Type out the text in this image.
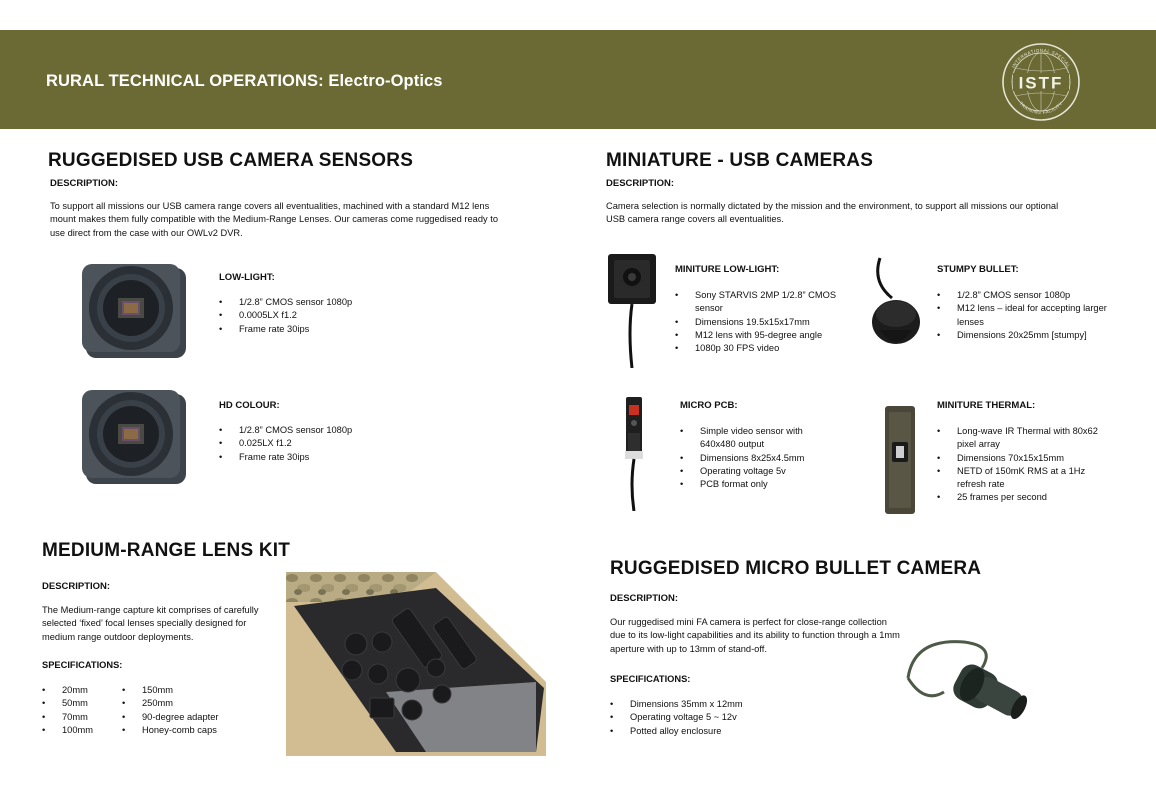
RURAL TECHNICAL OPERATIONS: Electro-Optics	ISTF
INTERNATIONAL SPECIAL
TRAINING FACILITY
RUGGEDISED USB CAMERA SENSORS
DESCRIPTION:
To support all missions our USB camera range covers all eventualities, machined with a standard M12 lens mount makes them fully compatible with the Medium-Range Lenses. Our cameras come ruggedised ready to use direct from the case with our OWLv2 DVR.
LOW-LIGHT:
• 1/2.8” CMOS sensor 1080p
• 0.0005LX f1.2
• Frame rate 30ips
HD COLOUR:
• 1/2.8” CMOS sensor 1080p
• 0.025LX f1.2
• Frame rate 30ips
MINIATURE - USB CAMERAS
DESCRIPTION:
Camera selection is normally dictated by the mission and the environment, to support all missions our optional USB camera range covers all eventualities.
MINITURE LOW-LIGHT:
• Sony STARVIS 2MP 1/2.8” CMOS sensor
• Dimensions 19.5x15x17mm
• M12 lens with 95-degree angle
• 1080p 30 FPS video
STUMPY BULLET:
• 1/2.8” CMOS sensor 1080p
• M12 lens – ideal for accepting larger lenses
• Dimensions 20x25mm [stumpy]
MICRO PCB:
• Simple video sensor with 640x480 output
• Dimensions 8x25x4.5mm
• Operating voltage 5v
• PCB format only
MINITURE THERMAL:
• Long-wave IR Thermal with 80x62 pixel array
• Dimensions 70x15x15mm
• NETD of 150mK RMS at a 1Hz refresh rate
• 25 frames per second
MEDIUM-RANGE LENS KIT
DESCRIPTION:
The Medium-range capture kit comprises of carefully selected ‘fixed’ focal lenses specially designed for medium range outdoor deployments.
SPECIFICATIONS:
• 20mm
• 50mm
• 70mm
• 100mm
• 150mm
• 250mm
• 90-degree adapter
• Honey-comb caps
RUGGEDISED MICRO BULLET CAMERA
DESCRIPTION:
Our ruggedised mini FA camera is perfect for close-range collection due to its low-light capabilities and its ability to function through a 1mm aperture with up to 13mm of stand-off.
SPECIFICATIONS:
• Dimensions 35mm x 12mm
• Operating voltage 5 ~ 12v
• Potted alloy enclosure
